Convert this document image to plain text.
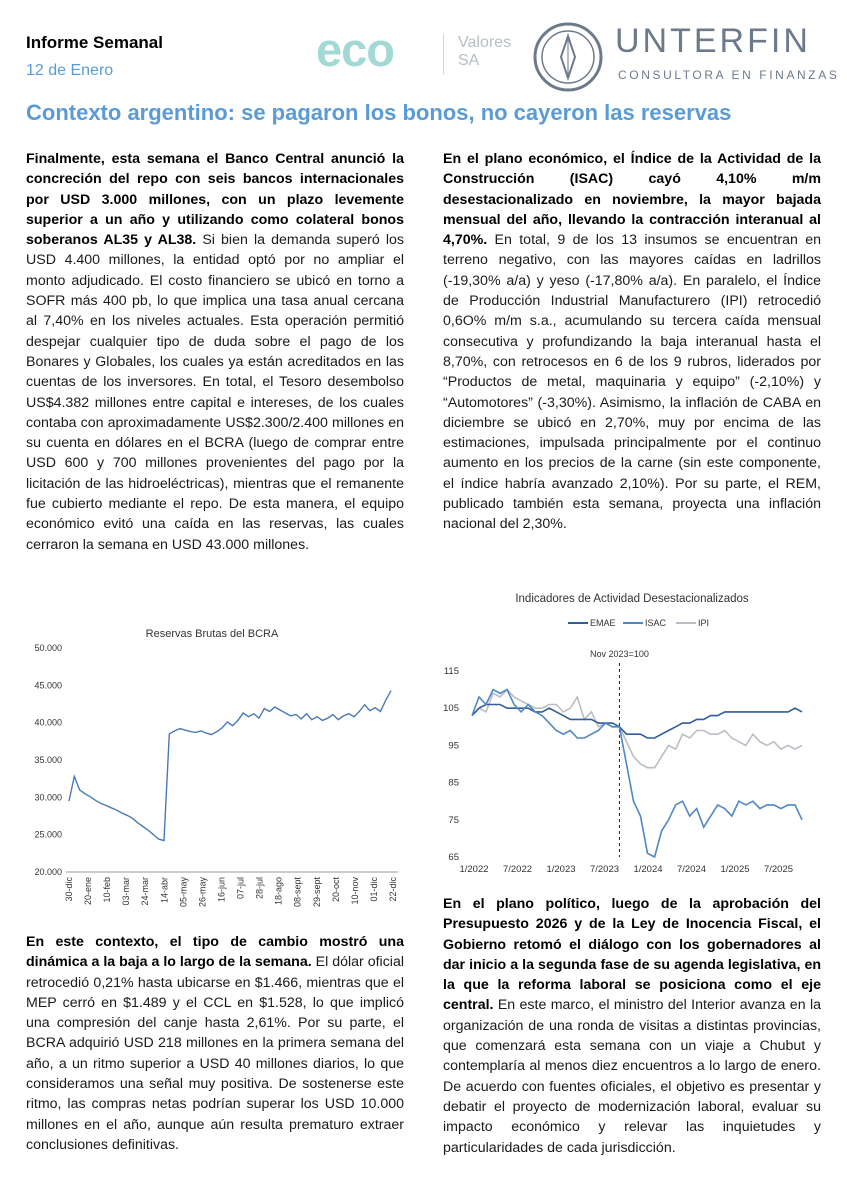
Informe Semanal
12 de Enero	eco	Valores
SA
UNTERFIN
CONSULTORA EN FINANZAS
Contexto argentino: se pagaron los bonos, no cayeron las reservas
Finalmente, esta semana el Banco Central anunció la concreción del repo con seis bancos internacionales por USD 3.000 millones, con un plazo levemente superior a un año y utilizando como colateral bonos soberanos AL35 y AL38. Si bien la demanda superó los USD 4.400 millones, la entidad optó por no ampliar el monto adjudicado. El costo financiero se ubicó en torno a SOFR más 400 pb, lo que implica una tasa anual cercana al 7,40% en los niveles actuales. Esta operación permitió despejar cualquier tipo de duda sobre el pago de los Bonares y Globales, los cuales ya están acreditados en las cuentas de los inversores. En total, el Tesoro desembolso US$4.382 millones entre capital e intereses, de los cuales contaba con aproximadamente US$2.300/2.400 millones en su cuenta en dólares en el BCRA (luego de comprar entre USD 600 y 700 millones provenientes del pago por la licitación de las hidroeléctricas), mientras que el remanente fue cubierto mediante el repo. De esta manera, el equipo económico evitó una caída en las reservas, las cuales cerraron la semana en USD 43.000 millones.
En el plano económico, el Índice de la Actividad de la Construcción (ISAC) cayó 4,10% m/m desestacionalizado en noviembre, la mayor bajada mensual del año, llevando la contracción interanual al 4,70%. En total, 9 de los 13 insumos se encuentran en terreno negativo, con las mayores caídas en ladrillos (-19,30% a/a) y yeso (-17,80% a/a). En paralelo, el Índice de Producción Industrial Manufacturero (IPI) retrocedió 0,6O% m/m s.a., acumulando su tercera caída mensual consecutiva y profundizando la baja interanual hasta el 8,70%, con retrocesos en 6 de los 9 rubros, liderados por “Productos de metal, maquinaria y equipo” (-2,10%) y “Automotores” (-3,30%). Asimismo, la inflación de CABA en diciembre se ubicó en 2,70%, muy por encima de las estimaciones, impulsada principalmente por el continuo aumento en los precios de la carne (sin este componente, el índice habría avanzado 2,10%). Por su parte, el REM, publicado también esta semana, proyecta una inflación nacional del 2,30%.
En este contexto, el tipo de cambio mostró una dinámica a la baja a lo largo de la semana. El dólar oficial retrocedió 0,21% hasta ubicarse en $1.466, mientras que el MEP cerró en $1.489 y el CCL en $1.528, lo que implicó una compresión del canje hasta 2,61%. Por su parte, el BCRA adquirió USD 218 millones en la primera semana del año, a un ritmo superior a USD 40 millones diarios, lo que consideramos una señal muy positiva. De sostenerse este ritmo, las compras netas podrían superar los USD 10.000 millones en el año, aunque aún resulta prematuro extraer conclusiones definitivas.
En el plano político, luego de la aprobación del Presupuesto 2026 y de la Ley de Inocencia Fiscal, el Gobierno retomó el diálogo con los gobernadores al dar inicio a la segunda fase de su agenda legislativa, en la que la reforma laboral se posiciona como el eje central. En este marco, el ministro del Interior avanza en la organización de una ronda de visitas a distintas provincias, que comenzará esta semana con un viaje a Chubut y contemplaría al menos diez encuentros a lo largo de enero. De acuerdo con fuentes oficiales, el objetivo es presentar y debatir el proyecto de modernización laboral, evaluar su impacto económico y relevar las inquietudes y particularidades de cada jurisdicción.
Reservas Brutas del BCRA
20.000
25.000
30.000
35.000
40.000
45.000
50.000
30-dic 20-ene 10-feb 03-mar 24-mar 14-abr 05-may 26-may 16-jun 07-jul 28-jul 18-ago 08-sept 29-sept 20-oct 10-nov 01-dic 22-dic
Indicadores de Actividad Desestacionalizados
EMAE	ISAC	IPI
65
75
85
95
105
115
Nov 2023=100
1/2022 7/2022 1/2023 7/2023 1/2024 7/2024 1/2025 7/2025
